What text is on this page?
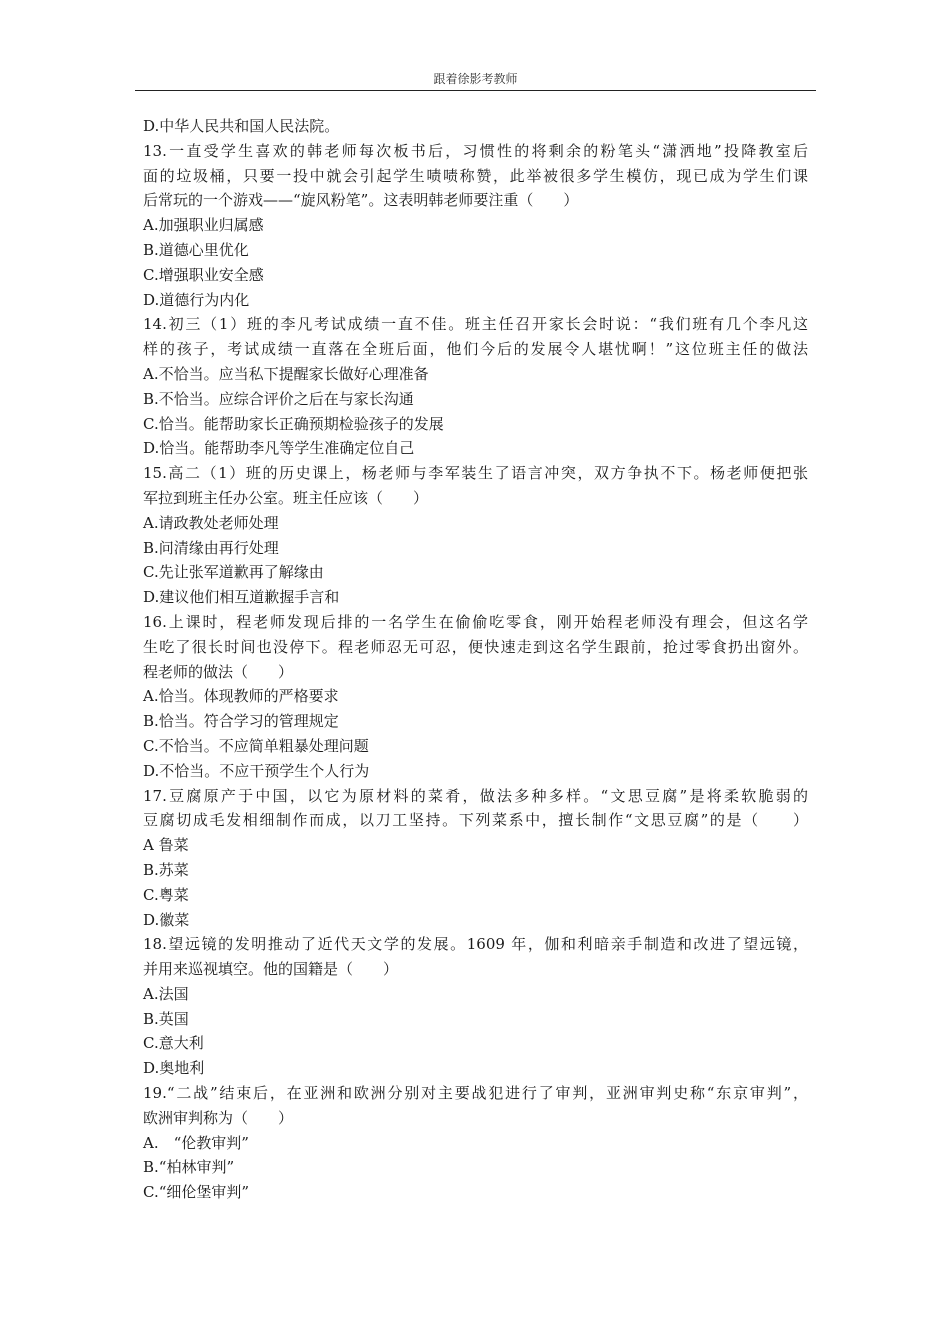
跟着徐影考教师
D.中华人民共和国人民法院。
13.一直受学生喜欢的韩老师每次板书后，习惯性的将剩余的粉笔头“潇洒地”投降教室后
面的垃圾桶，只要一投中就会引起学生啧啧称赞，此举被很多学生模仿，现已成为学生们课
后常玩的一个游戏——“旋风粉笔”。这表明韩老师要注重（　　）
A.加强职业归属感
B.道德心里优化
C.增强职业安全感
D.道德行为内化
14.初三（1）班的李凡考试成绩一直不佳。班主任召开家长会时说：“我们班有几个李凡这
样的孩子，考试成绩一直落在全班后面，他们今后的发展令人堪忧啊！”这位班主任的做法
A.不恰当。应当私下提醒家长做好心理准备
B.不恰当。应综合评价之后在与家长沟通
C.恰当。能帮助家长正确预期检验孩子的发展
D.恰当。能帮助李凡等学生准确定位自己
15.高二（1）班的历史课上，杨老师与李军装生了语言冲突，双方争执不下。杨老师便把张
军拉到班主任办公室。班主任应该（　　）
A.请政教处老师处理
B.问清缘由再行处理
C.先让张军道歉再了解缘由
D.建议他们相互道歉握手言和
16.上课时，程老师发现后排的一名学生在偷偷吃零食，刚开始程老师没有理会，但这名学
生吃了很长时间也没停下。程老师忍无可忍，便快速走到这名学生跟前，抢过零食扔出窗外。
程老师的做法（　　）
A.恰当。体现教师的严格要求
B.恰当。符合学习的管理规定
C.不恰当。不应简单粗暴处理问题
D.不恰当。不应干预学生个人行为
17.豆腐原产于中国，以它为原材料的菜肴，做法多种多样。“文思豆腐”是将柔软脆弱的
豆腐切成毛发相细制作而成，以刀工坚持。下列菜系中，擅长制作“文思豆腐”的是（　　）
A 鲁菜
B.苏菜
C.粤菜
D.徽菜
18.望远镜的发明推动了近代天文学的发展。1609 年，伽和利暗亲手制造和改进了望远镜，
并用来巡视填空。他的国籍是（　　）
A.法国
B.英国
C.意大利
D.奥地利
19.“二战”结束后，在亚洲和欧洲分别对主要战犯进行了审判，亚洲审判史称“东京审判”，
欧洲审判称为（　　）
A.　“伦教审判”
B.“柏林审判”
C.“细伦堡审判”
